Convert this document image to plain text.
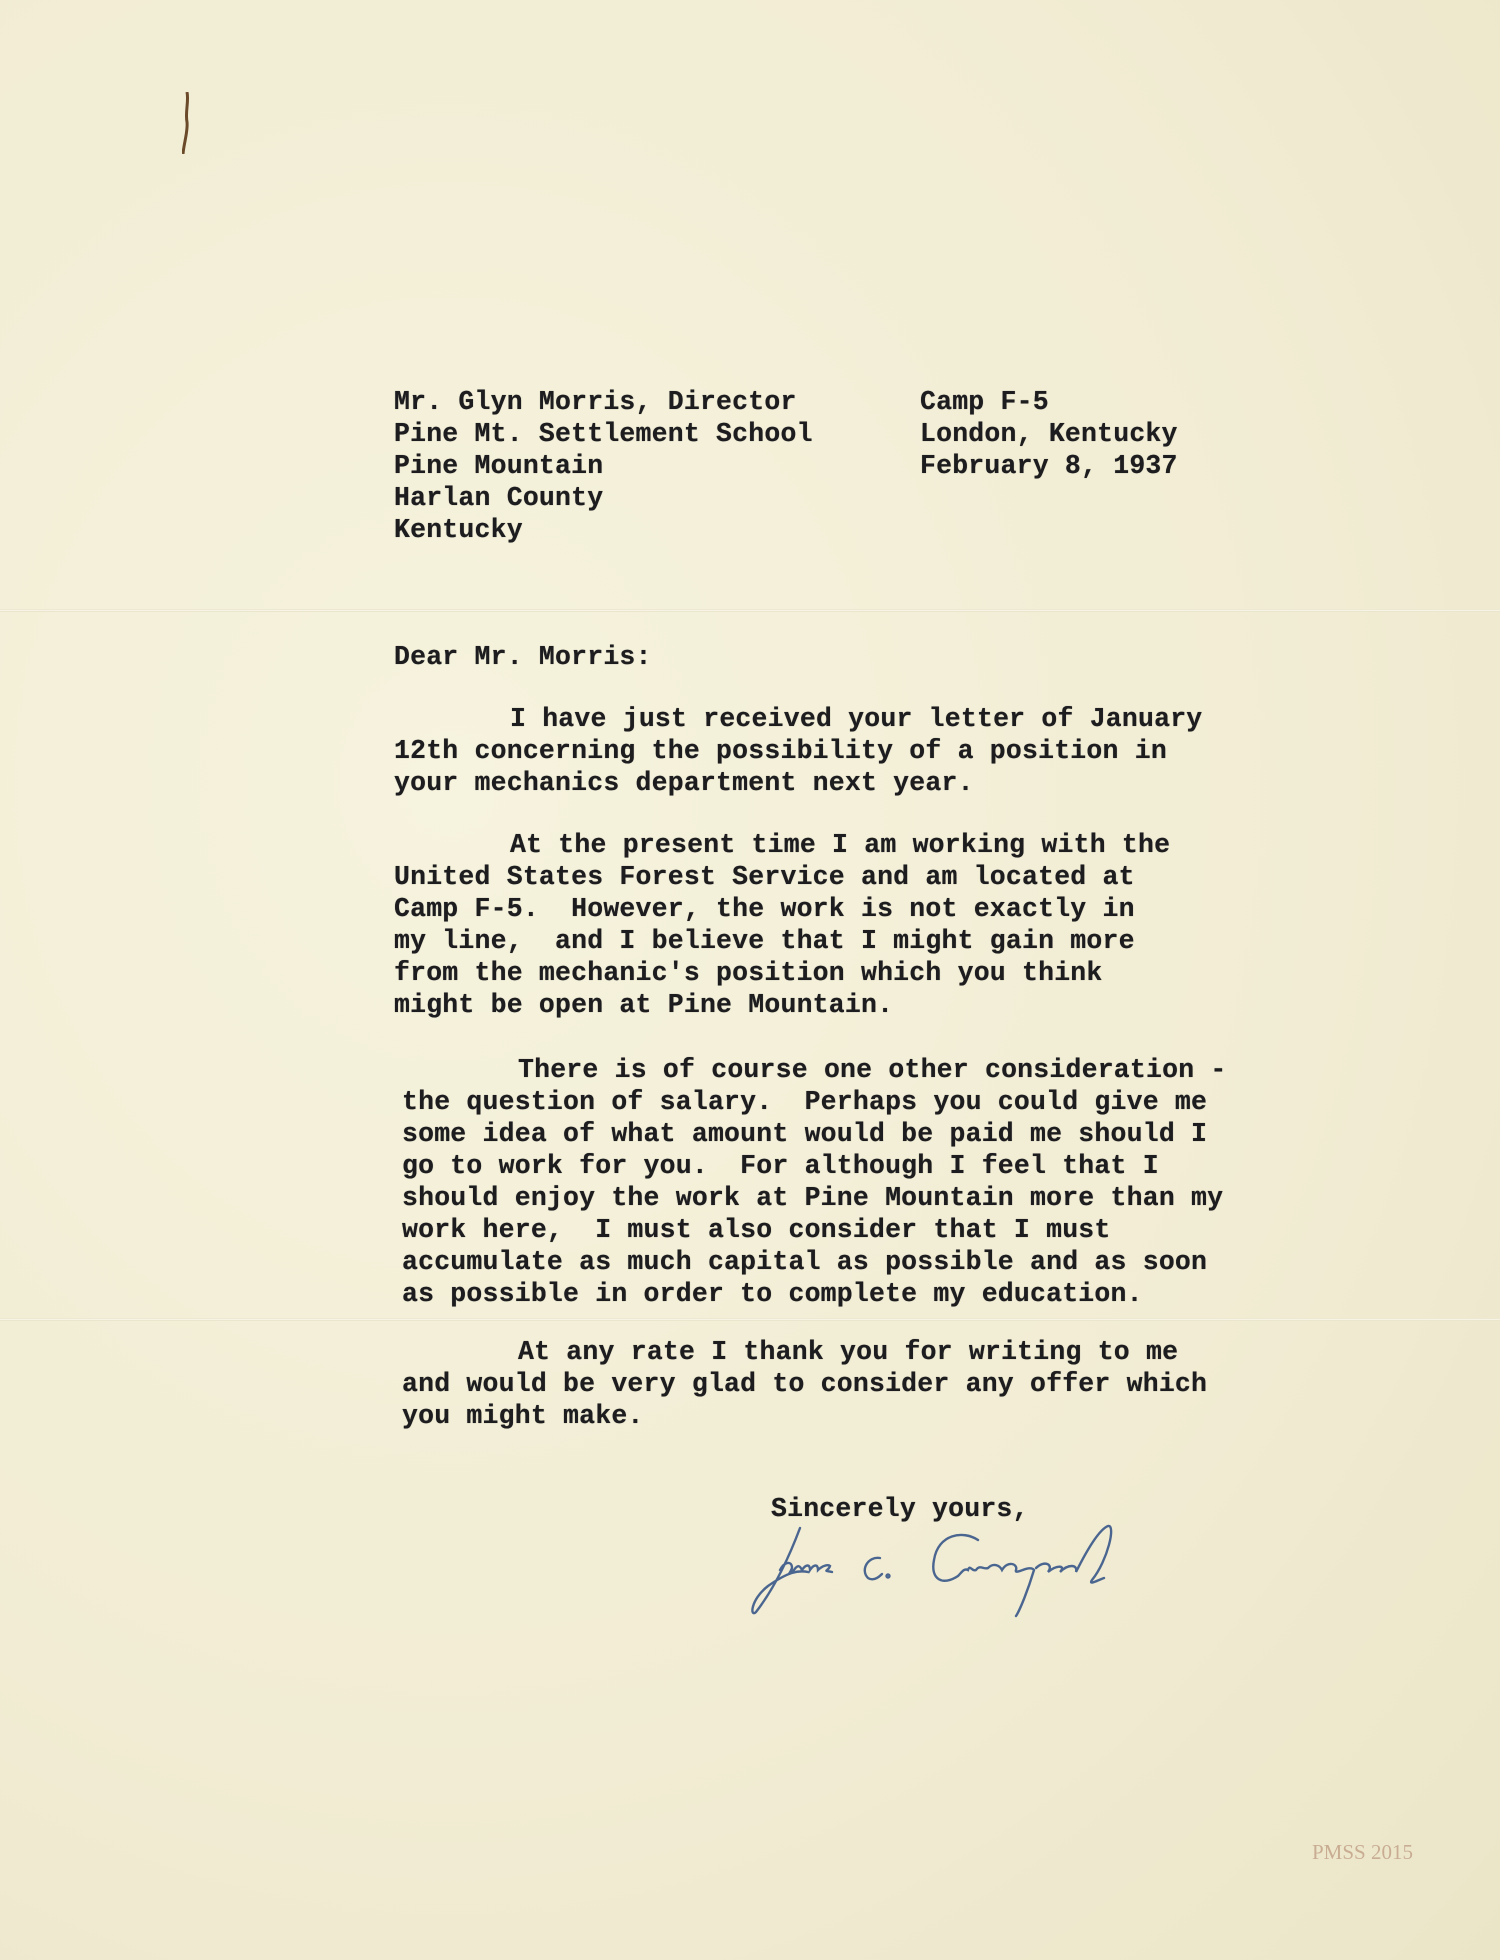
Mr. Glyn Morris, Director
Pine Mt. Settlement School
Pine Mountain
Harlan County
Kentucky
Camp F-5
London, Kentucky
February 8, 1937
Dear Mr. Morris:
I have just received your letter of January
12th concerning the possibility of a position in
your mechanics department next year.
At the present time I am working with the
United States Forest Service and am located at
Camp F-5.  However, the work is not exactly in
my line,  and I believe that I might gain more
from the mechanic's position which you think
might be open at Pine Mountain.
There is of course one other consideration -
the question of salary.  Perhaps you could give me
some idea of what amount would be paid me should I
go to work for you.  For although I feel that I
should enjoy the work at Pine Mountain more than my
work here,  I must also consider that I must
accumulate as much capital as possible and as soon
as possible in order to complete my education.
At any rate I thank you for writing to me
and would be very glad to consider any offer which
you might make.
Sincerely yours,
PMSS 2015
